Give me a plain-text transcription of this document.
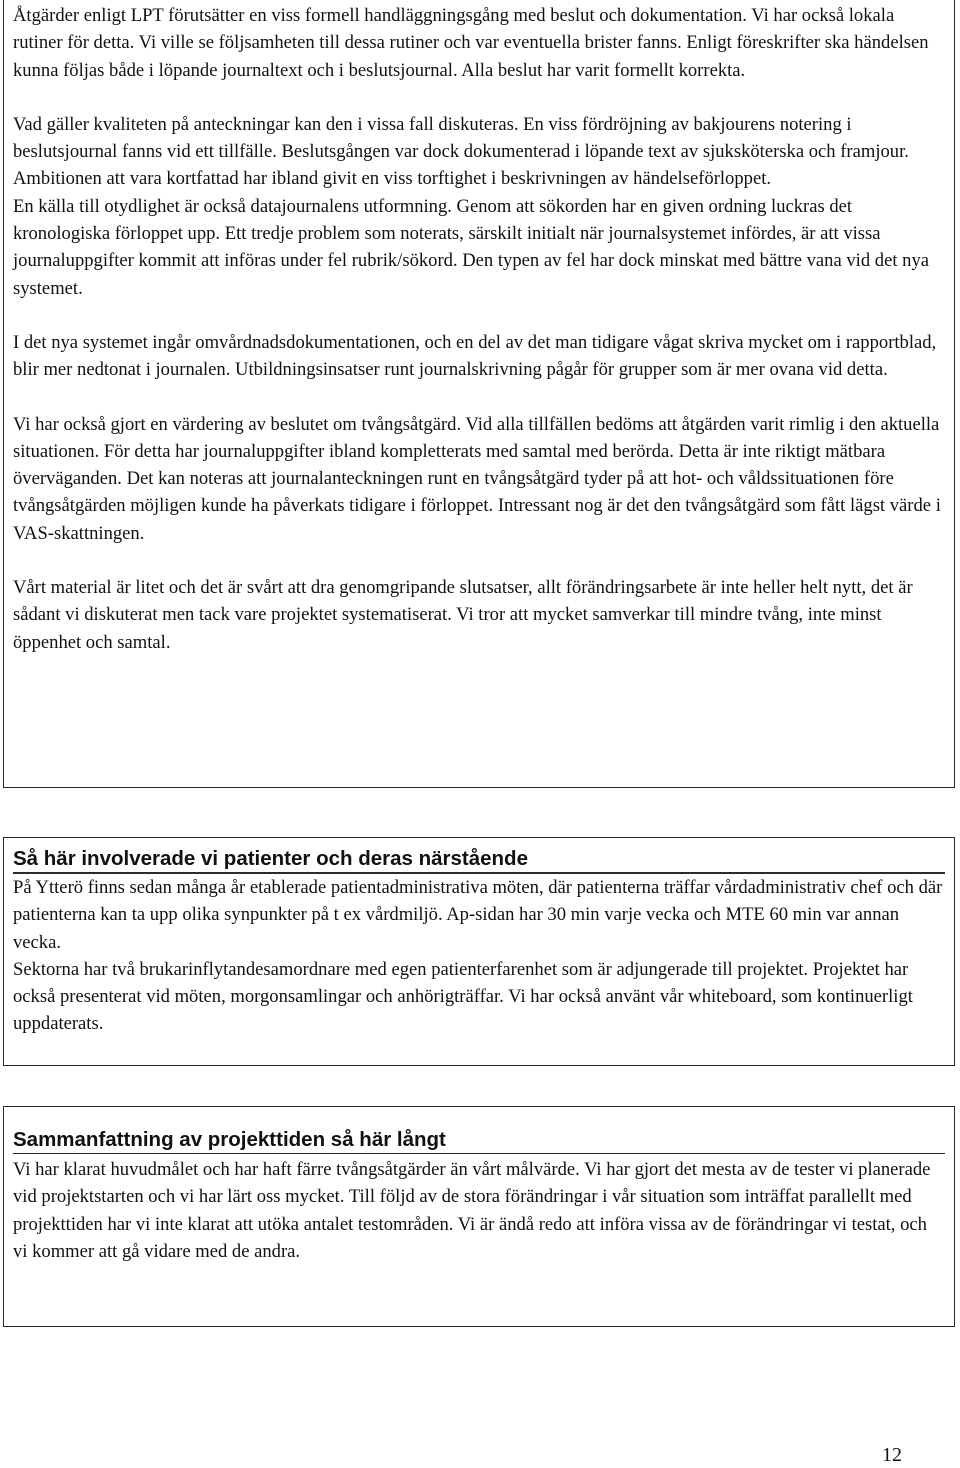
Åtgärder enligt LPT förutsätter en viss formell handläggningsgång med beslut och dokumentation. Vi har också lokala rutiner för detta. Vi ville se följsamheten till dessa rutiner och var eventuella brister fanns. Enligt föreskrifter ska händelsen kunna följas både i löpande journaltext och i beslutsjournal. Alla beslut har varit formellt korrekta.

Vad gäller kvaliteten på anteckningar kan den i vissa fall diskuteras. En viss fördröjning av bakjourens notering i beslutsjournal fanns vid ett tillfälle. Beslutsgången var dock dokumenterad i löpande text av sjuksköterska och framjour. Ambitionen att vara kortfattad har ibland givit en viss torftighet i beskrivningen av händelseförloppet.

En källa till otydlighet är också datajournalens utformning. Genom att sökorden har en given ordning luckras det kronologiska förloppet upp. Ett tredje problem som noterats, särskilt initialt när journalsystemet infördes, är att vissa journaluppgifter kommit att införas under fel rubrik/sökord. Den typen av fel har dock minskat med bättre vana vid det nya systemet.

I det nya systemet ingår omvårdnadsdokumentationen, och en del av det man tidigare vågat skriva mycket om i rapportblad, blir mer nedtonat i journalen. Utbildningsinsatser runt journalskrivning pågår för grupper som är mer ovana vid detta.

Vi har också gjort en värdering av beslutet om tvångsåtgärd. Vid alla tillfällen bedöms att åtgärden varit rimlig i den aktuella situationen. För detta har journaluppgifter ibland kompletterats med samtal med berörda. Detta är inte riktigt mätbara överväganden. Det kan noteras att journalanteckningen runt en tvångsåtgärd tyder på att hot- och våldssituationen före tvångsåtgärden möjligen kunde ha påverkats tidigare i förloppet. Intressant nog är det den tvångsåtgärd som fått lägst värde i VAS-skattningen.

Vårt material är litet och det är svårt att dra genomgripande slutsatser, allt förändringsarbete är inte heller helt nytt, det är sådant vi diskuterat men tack vare projektet systematiserat. Vi tror att mycket samverkar till mindre tvång, inte minst öppenhet och samtal.

Så här involverade vi patienter och deras närstående

På Ytterö finns sedan många år etablerade patientadministrativa möten, där patienterna träffar vårdadministrativ chef och där patienterna kan ta upp olika synpunkter på t ex vårdmiljö. Ap-sidan har 30 min varje vecka och MTE 60 min var annan vecka.

Sektorna har två brukarinflytandesamordnare med egen patienterfarenhet som är adjungerade till projektet. Projektet har också presenterat vid möten, morgonsamlingar och anhörigträffar. Vi har också använt vår whiteboard, som kontinuerligt uppdaterats.

Sammanfattning av projekttiden så här långt

Vi har klarat huvudmålet och har haft färre tvångsåtgärder än vårt målvärde. Vi har gjort det mesta av de tester vi planerade vid projektstarten och vi har lärt oss mycket. Till följd av de stora förändringar i vår situation som inträffat parallellt med projekttiden har vi inte klarat att utöka antalet testområden. Vi är ändå redo att införa vissa av de förändringar vi testat, och vi kommer att gå vidare med de andra.

12
